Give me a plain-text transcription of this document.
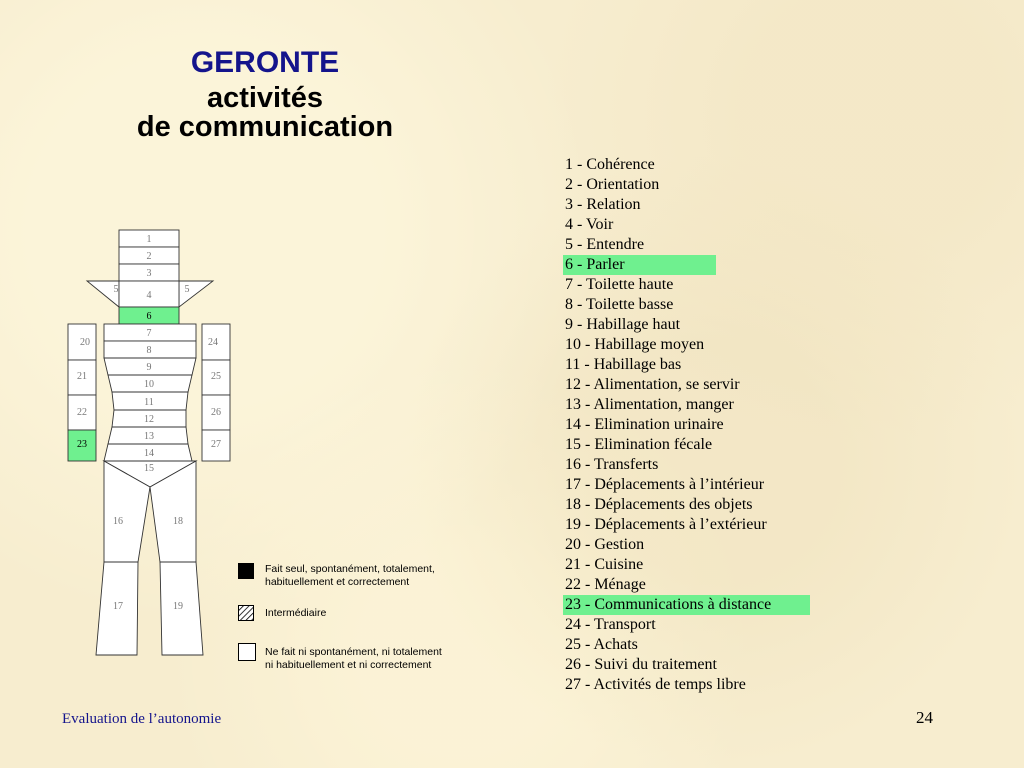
GERONTE
activités
de communication
1
2
3
5	5
4
6
7
8
9
10
11
12
13
14
15
20
21
22
23
24
25
26
27
16	18
17	19
Fait seul, spontanément, totalement,
habituellement et correctement
Intermédiaire
Ne fait ni spontanément, ni totalement
ni habituellement et ni correctement
1 - Cohérence
2 - Orientation
3 - Relation
4 - Voir
5 - Entendre
6 - Parler
7 - Toilette haute
8 - Toilette basse
9 - Habillage haut
10 - Habillage moyen
11 - Habillage bas
12 - Alimentation, se servir
13 - Alimentation, manger
14 - Elimination urinaire
15 - Elimination fécale
16 - Transferts
17 - Déplacements à l’intérieur
18 - Déplacements des objets
19 - Déplacements à l’extérieur
20 - Gestion
21 - Cuisine
22 - Ménage
23 - Communications à distance
24 - Transport
25 - Achats
26 - Suivi du traitement
27 - Activités de temps libre
Evaluation de l’autonomie	24
